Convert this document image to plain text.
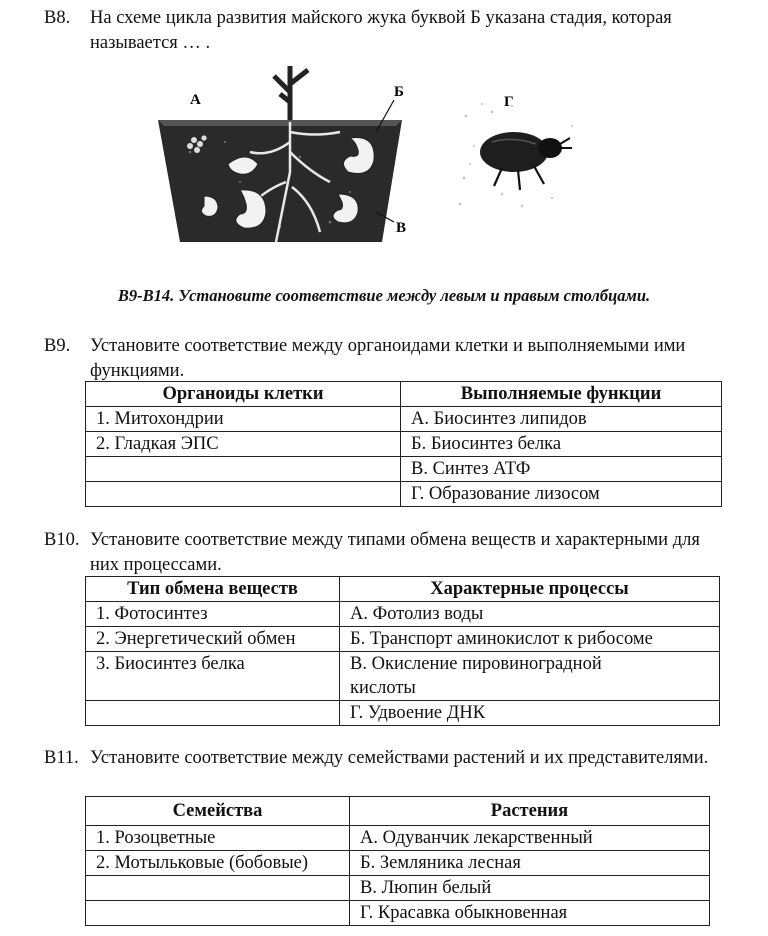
В8. На схеме цикла развития майского жука буквой Б указана стадия, которая называется … .
А	Б
В
Г
В9-В14. Установите соответствие между левым и правым столбцами.
В9. Установите соответствие между органоидами клетки и выполняемыми ими функциями.
Органоиды клетки	Выполняемые функции
1. Митохондрии	А. Биосинтез липидов
2. Гладкая ЭПС	Б. Биосинтез белка
	В. Синтез АТФ
	Г. Образование лизосом
В10. Установите соответствие между типами обмена веществ и характерными для них процессами.
Тип обмена веществ	Характерные процессы
1. Фотосинтез	А. Фотолиз воды
2. Энергетический обмен	Б. Транспорт аминокислот к рибосоме
3. Биосинтез белка	В. Окисление пировиноградной кислоты
	Г. Удвоение ДНК
В11. Установите соответствие между семействами растений и их представителями.
Семейства	Растения
1. Розоцветные	А. Одуванчик лекарственный
2. Мотыльковые (бобовые)	Б. Земляника лесная
	В. Люпин белый
	Г. Красавка обыкновенная
